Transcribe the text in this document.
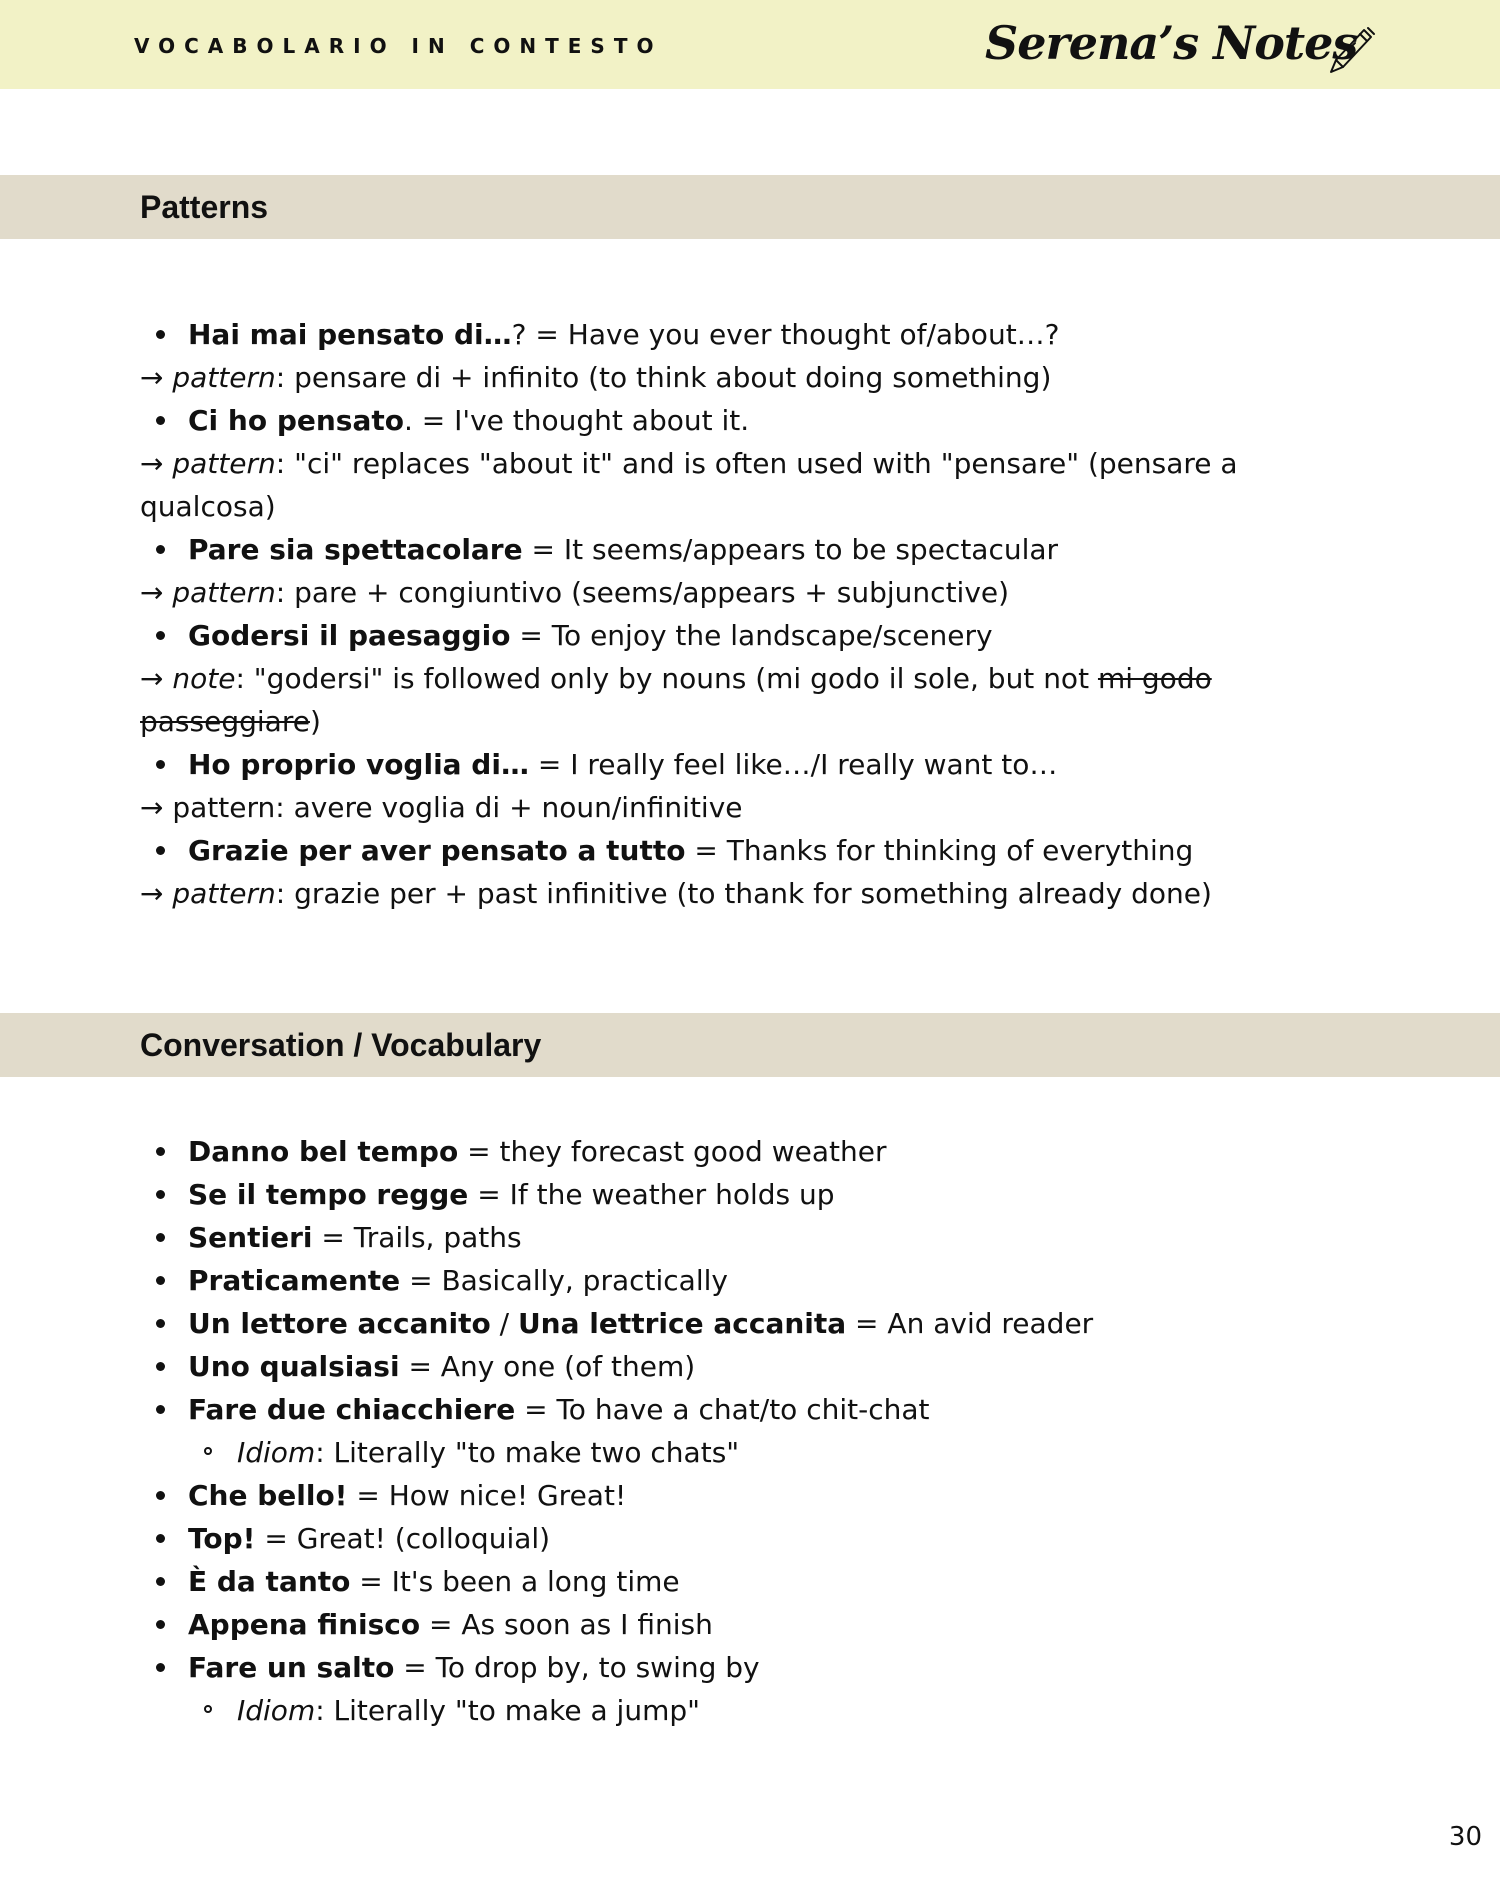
VOCABOLARIO IN CONTESTO	Serena’s Notes
Patterns
Hai mai pensato di…? = Have you ever thought of/about…?
→ pattern: pensare di + infinito (to think about doing something)
Ci ho pensato. = I've thought about it.
→ pattern: "ci" replaces "about it" and is often used with "pensare" (pensare a qualcosa)
Pare sia spettacolare = It seems/appears to be spectacular
→ pattern: pare + congiuntivo (seems/appears + subjunctive)
Godersi il paesaggio = To enjoy the landscape/scenery
→ note: "godersi" is followed only by nouns (mi godo il sole, but not mi godo passeggiare)
Ho proprio voglia di… = I really feel like…/I really want to…
→ pattern: avere voglia di + noun/infinitive
Grazie per aver pensato a tutto = Thanks for thinking of everything
→ pattern: grazie per + past infinitive (to thank for something already done)
Conversation / Vocabulary
Danno bel tempo = they forecast good weather
Se il tempo regge = If the weather holds up
Sentieri = Trails, paths
Praticamente = Basically, practically
Un lettore accanito / Una lettrice accanita = An avid reader
Uno qualsiasi = Any one (of them)
Fare due chiacchiere = To have a chat/to chit-chat
Idiom: Literally "to make two chats"
Che bello! = How nice! Great!
Top! = Great! (colloquial)
È da tanto = It's been a long time
Appena finisco = As soon as I finish
Fare un salto = To drop by, to swing by
Idiom: Literally "to make a jump"
30
